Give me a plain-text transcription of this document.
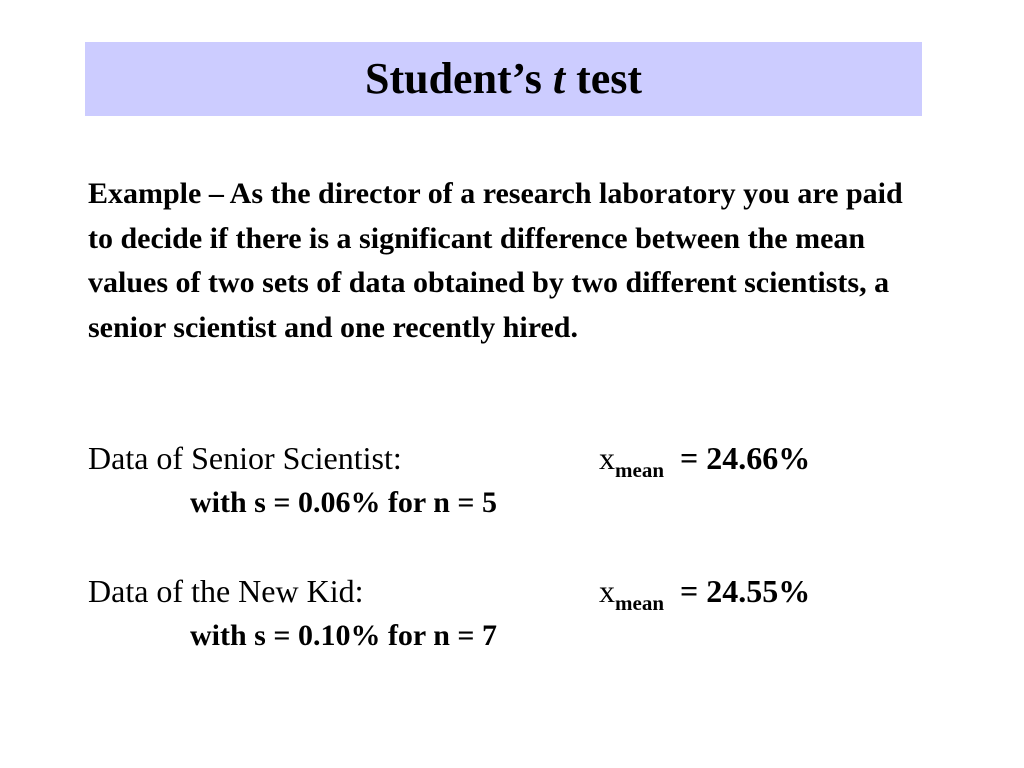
Student’s t test

Example – As the director of a research laboratory you are paid to decide if there is a significant difference between the mean values of two sets of data obtained by two different scientists, a senior scientist and one recently hired.

Data of Senior Scientist:	$x_{mean} = 24.66\%$
with s = 0.06% for n = 5
Data of the New Kid:	$x_{mean} = 24.55\%$
with s = 0.10% for n = 7
